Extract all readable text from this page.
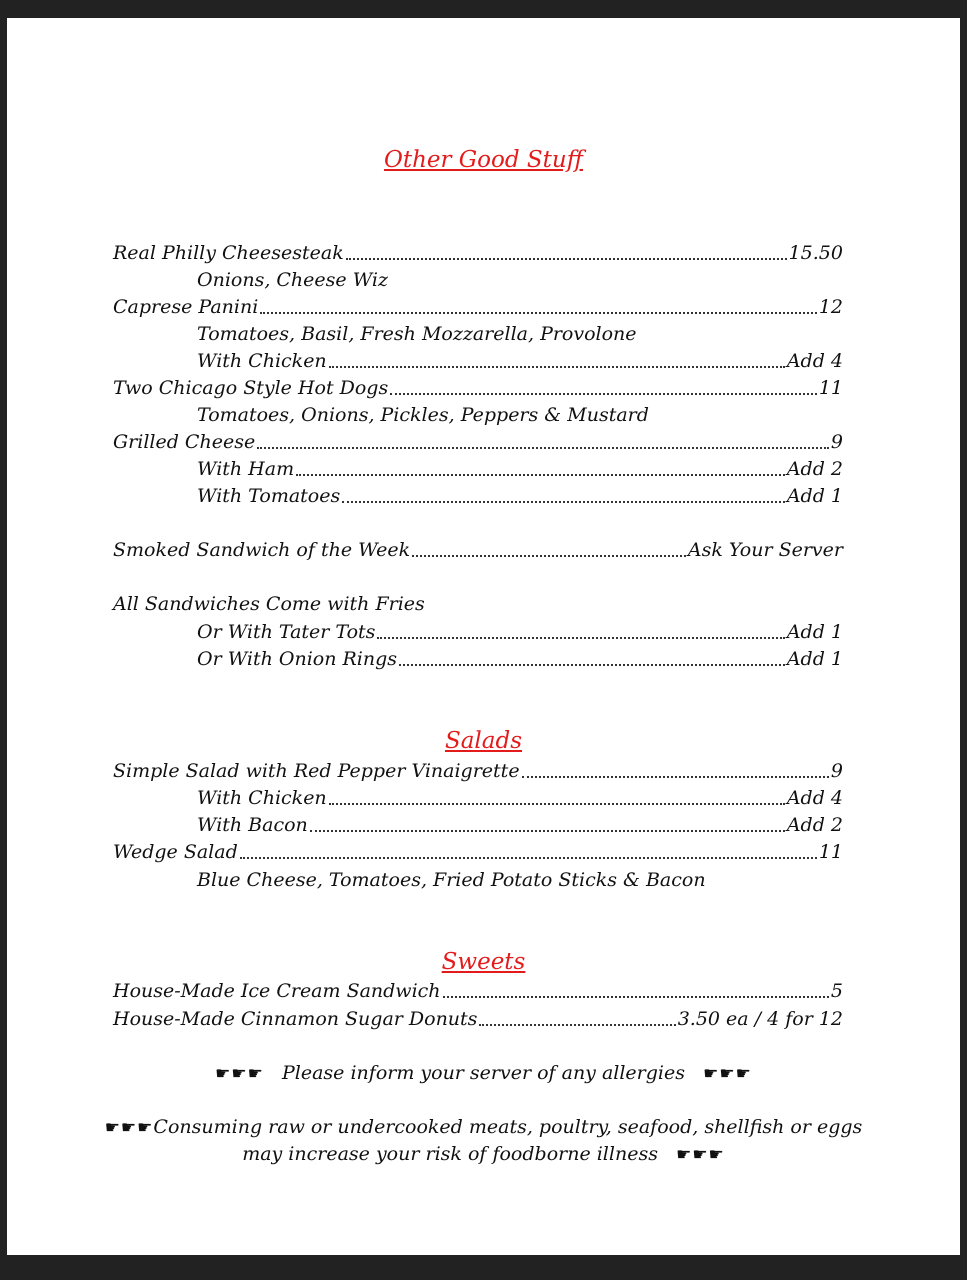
Other Good Stuff
Real Philly Cheesesteak	15.50
Onions, Cheese Wiz
Caprese Panini	12
Tomatoes, Basil, Fresh Mozzarella, Provolone
With Chicken	Add 4
Two Chicago Style Hot Dogs	11
Tomatoes, Onions, Pickles, Peppers & Mustard
Grilled Cheese	9
With Ham	Add 2
With Tomatoes	Add 1
Smoked Sandwich of the Week	Ask Your Server
All Sandwiches Come with Fries
Or With Tater Tots	Add 1
Or With Onion Rings	Add 1
Salads
Simple Salad with Red Pepper Vinaigrette	9
With Chicken	Add 4
With Bacon	Add 2
Wedge Salad	11
Blue Cheese, Tomatoes, Fried Potato Sticks & Bacon
Sweets
House-Made Ice Cream Sandwich	5
House-Made Cinnamon Sugar Donuts	3.50 ea / 4 for 12
☛☛☛ Please inform your server of any allergies ☛☛☛
☛☛☛Consuming raw or undercooked meats, poultry, seafood, shellfish or eggs
may increase your risk of foodborne illness ☛☛☛
